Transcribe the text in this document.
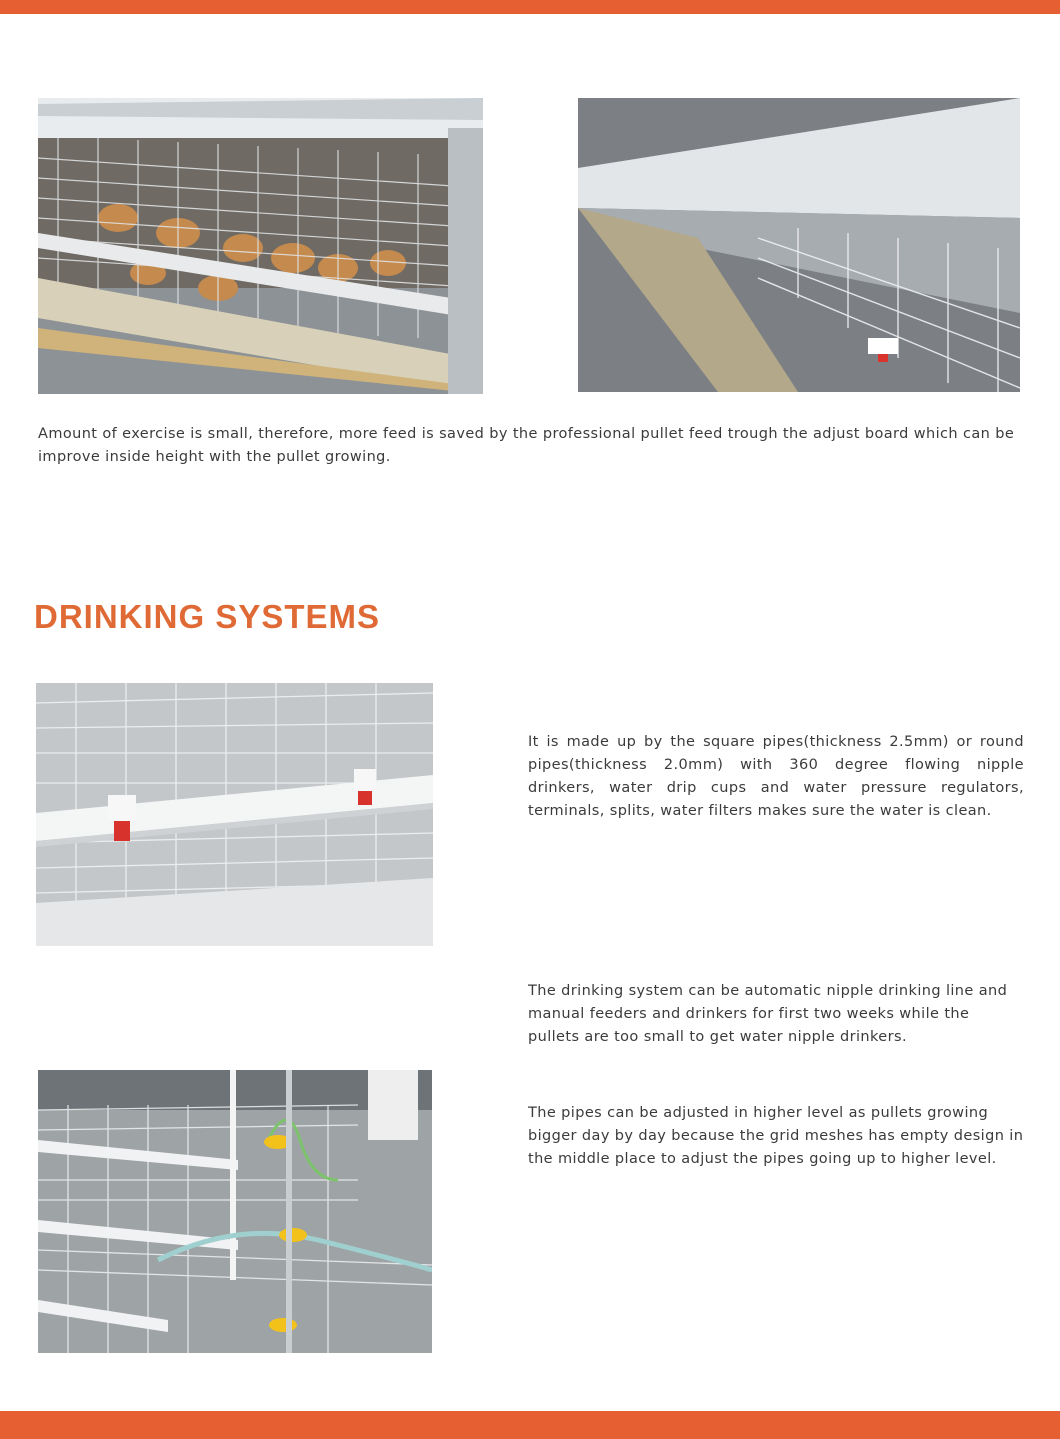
Amount of exercise is small, therefore, more feed is saved by the professional pullet feed trough the adjust board which can be improve inside height with the pullet growing.

DRINKING SYSTEMS

It is made up by the square pipes(thickness 2.5mm) or round pipes(thickness 2.0mm) with 360 degree flowing nipple drinkers, water drip cups and water pressure regulators, terminals, splits, water filters makes sure the water is clean.

The drinking system can be automatic nipple drinking line and manual feeders and drinkers for first two weeks while the pullets are too small to get water nipple drinkers.

The pipes can be adjusted in higher level as pullets growing bigger day by day because the grid meshes has empty design in the middle place to adjust the pipes going up to higher level.
